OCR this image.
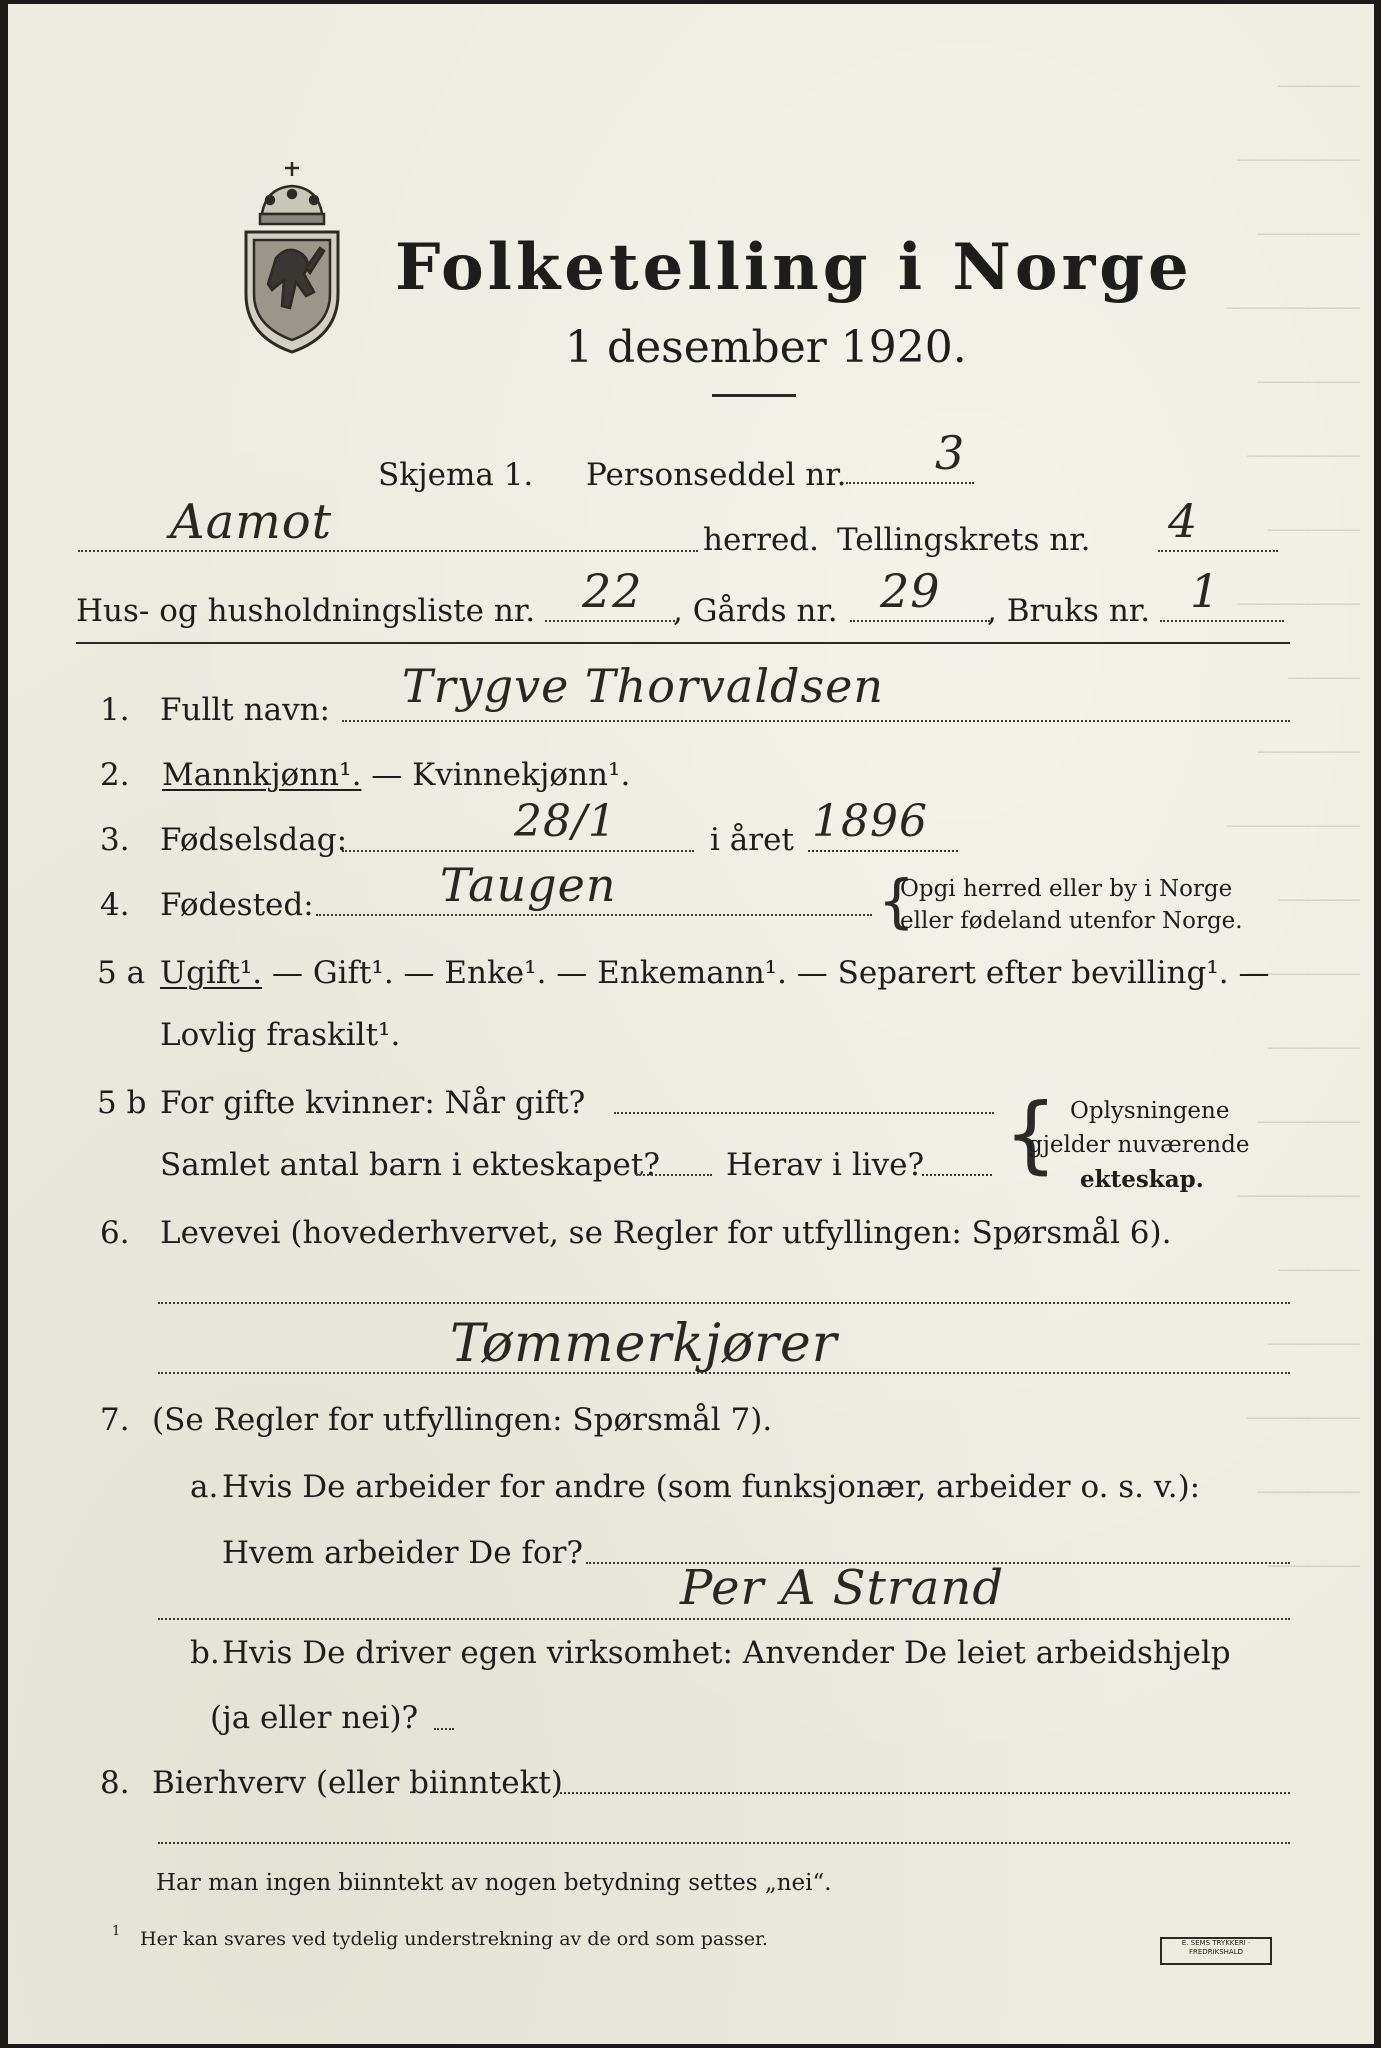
Folketelling i Norge
1 desember 1920.
Skjema 1. Personseddel nr. 3
Aamot	herred. Tellingskrets nr. 4
Hus- og husholdningsliste nr. 22 , Gårds nr. 29 , Bruks nr. 1
1. Fullt navn: Trygve Thorvaldsen
2. Mannkjønn¹. — Kvinnekjønn¹.
3. Fødselsdag:	28/1	i året 1896
4. Fødested:	Taugen	{
Opgi herred eller by i Norge
eller fødeland utenfor Norge.
5 a Ugift¹. — Gift¹. — Enke¹. — Enkemann¹. — Separert efter bevilling¹. —
Lovlig fraskilt¹.
5 b For gifte kvinner: Når gift?
Samlet antal barn i ekteskapet? Herav i live? { Oplysningene
gjelder nuværende
ekteskap.
6. Levevei (hovederhvervet, se Regler for utfyllingen: Spørsmål 6).
Tømmerkjører
7. (Se Regler for utfyllingen: Spørsmål 7).
a. Hvis De arbeider for andre (som funksjonær, arbeider o. s. v.):
Hvem arbeider De for?
Per A Strand
b. Hvis De driver egen virksomhet: Anvender De leiet arbeidshjelp
(ja eller nei)?
8. Bierhverv (eller biinntekt)
Har man ingen biinntekt av nogen betydning settes „nei“.
1 Her kan svares ved tydelig understrekning av de ord som passer.	E. SEMS TRYKKERI · FREDRIKSHALD
